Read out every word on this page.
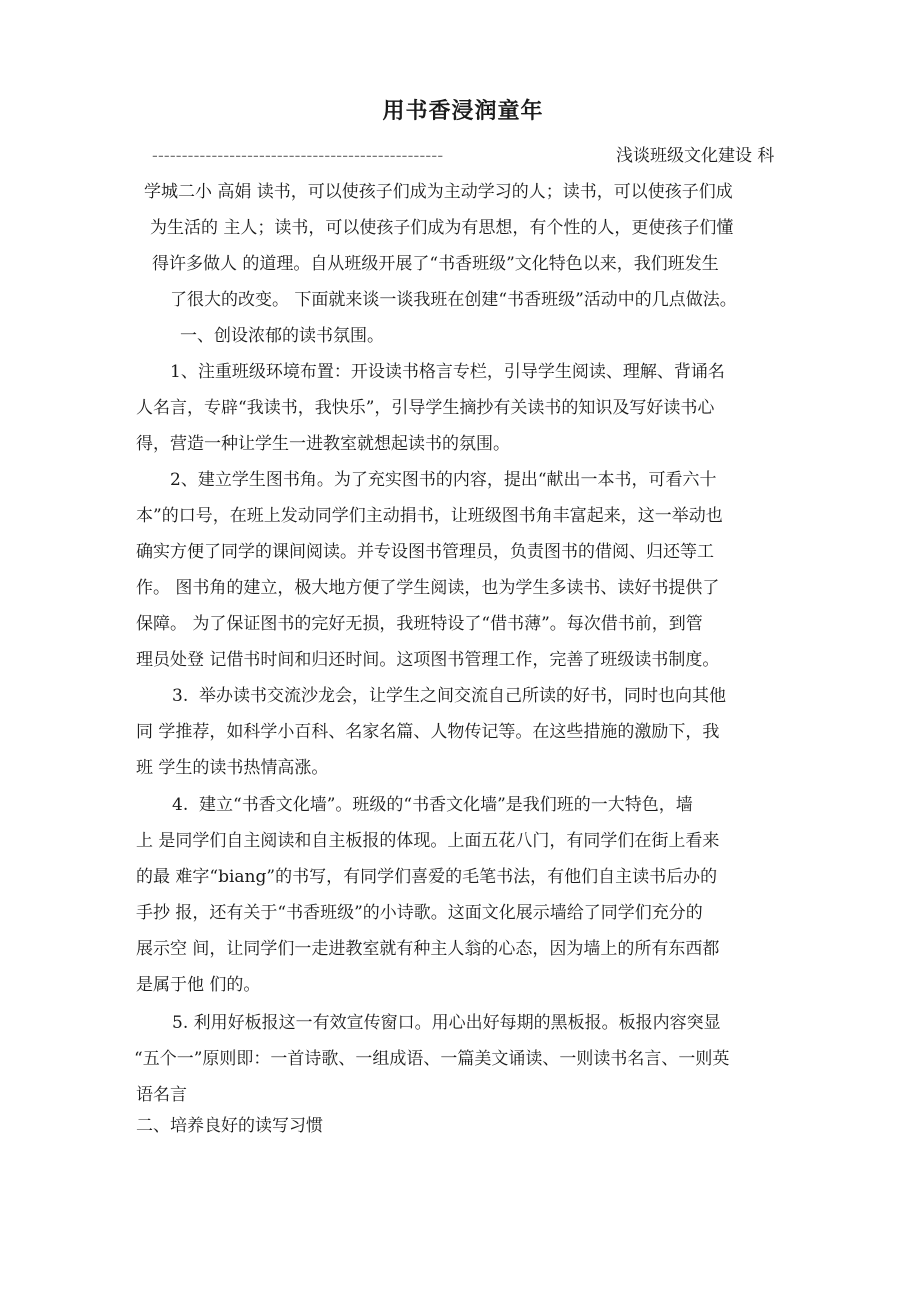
用书香浸润童年
-------------------------------------------------	浅谈班级文化建设 科
学城二小 高娟 读书，可以使孩子们成为主动学习的人；读书，可以使孩子们成
为生活的 主人；读书，可以使孩子们成为有思想，有个性的人，更使孩子们懂
得许多做人 的道理。自从班级开展了“书香班级”文化特色以来，我们班发生
了很大的改变。 下面就来谈一谈我班在创建“书香班级”活动中的几点做法。
一、创设浓郁的读书氛围。
1、注重班级环境布置：开设读书格言专栏，引导学生阅读、理解、背诵名
人名言，专辟“我读书，我快乐”，引导学生摘抄有关读书的知识及写好读书心
得，营造一种让学生一进教室就想起读书的氛围。
2、建立学生图书角。为了充实图书的内容，提出“献出一本书，可看六十
本”的口号，在班上发动同学们主动捐书，让班级图书角丰富起来，这一举动也
确实方便了同学的课间阅读。并专设图书管理员，负责图书的借阅、归还等工
作。 图书角的建立，极大地方便了学生阅读，也为学生多读书、读好书提供了
保障。 为了保证图书的完好无损，我班特设了“借书薄”。每次借书前，到管
理员处登 记借书时间和归还时间。这项图书管理工作，完善了班级读书制度。
3.  举办读书交流沙龙会，让学生之间交流自己所读的好书，同时也向其他
同 学推荐，如科学小百科、名家名篇、人物传记等。在这些措施的激励下，我
班 学生的读书热情高涨。
4.  建立“书香文化墙”。班级的“书香文化墙”是我们班的一大特色，墙
上 是同学们自主阅读和自主板报的体现。上面五花八门，有同学们在街上看来
的最 难字“biang”的书写，有同学们喜爱的毛笔书法，有他们自主读书后办的
手抄 报，还有关于“书香班级”的小诗歌。这面文化展示墙给了同学们充分的
展示空 间，让同学们一走进教室就有种主人翁的心态，因为墙上的所有东西都
是属于他 们的。
5. 利用好板报这一有效宣传窗口。用心出好每期的黑板报。板报内容突显
“五个一”原则即：一首诗歌、一组成语、一篇美文诵读、一则读书名言、一则英
语名言
二、培养良好的读写习惯
